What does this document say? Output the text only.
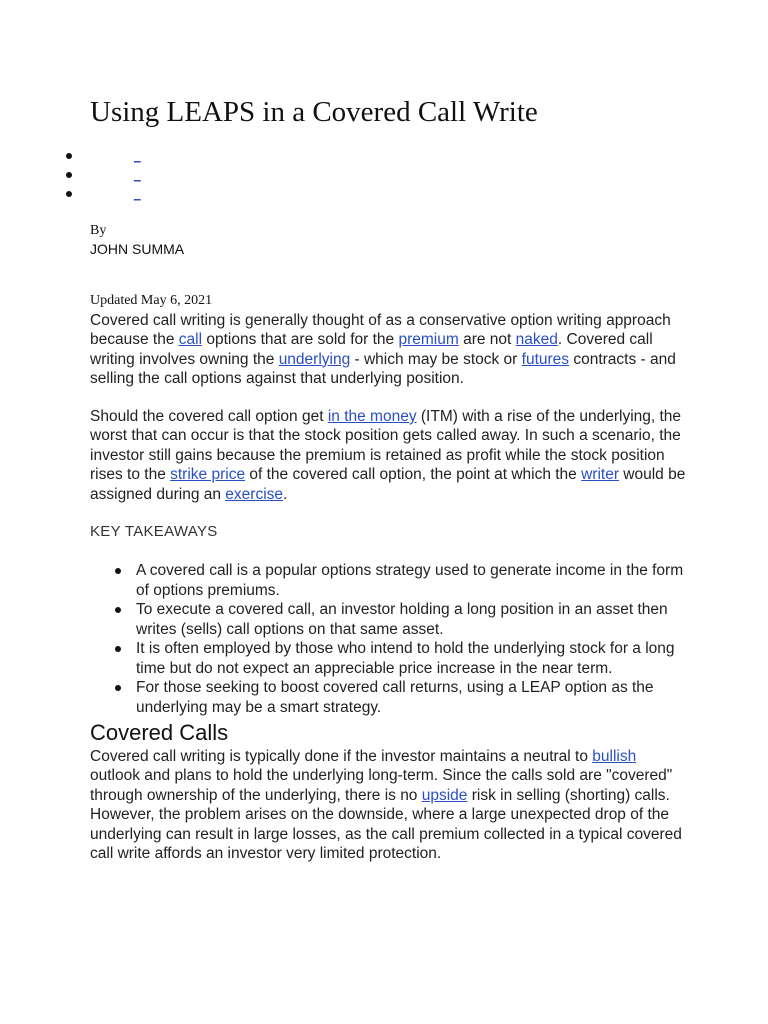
Using LEAPS in a Covered Call Write
_
_
_
By
JOHN SUMMA
Updated May 6, 2021

Covered call writing is generally thought of as a conservative option writing approach because the call options that are sold for the premium are not naked. Covered call writing involves owning the underlying - which may be stock or futures contracts - and selling the call options against that underlying position.

Should the covered call option get in the money (ITM) with a rise of the underlying, the worst that can occur is that the stock position gets called away. In such a scenario, the investor still gains because the premium is retained as profit while the stock position rises to the strike price of the covered call option, the point at which the writer would be assigned during an exercise.

KEY TAKEAWAYS
A covered call is a popular options strategy used to generate income in the form of options premiums.
To execute a covered call, an investor holding a long position in an asset then writes (sells) call options on that same asset.
It is often employed by those who intend to hold the underlying stock for a long time but do not expect an appreciable price increase in the near term.
For those seeking to boost covered call returns, using a LEAP option as the underlying may be a smart strategy.
Covered Calls

Covered call writing is typically done if the investor maintains a neutral to bullish outlook and plans to hold the underlying long-term. Since the calls sold are "covered" through ownership of the underlying, there is no upside risk in selling (shorting) calls. However, the problem arises on the downside, where a large unexpected drop of the underlying can result in large losses, as the call premium collected in a typical covered call write affords an investor very limited protection.
